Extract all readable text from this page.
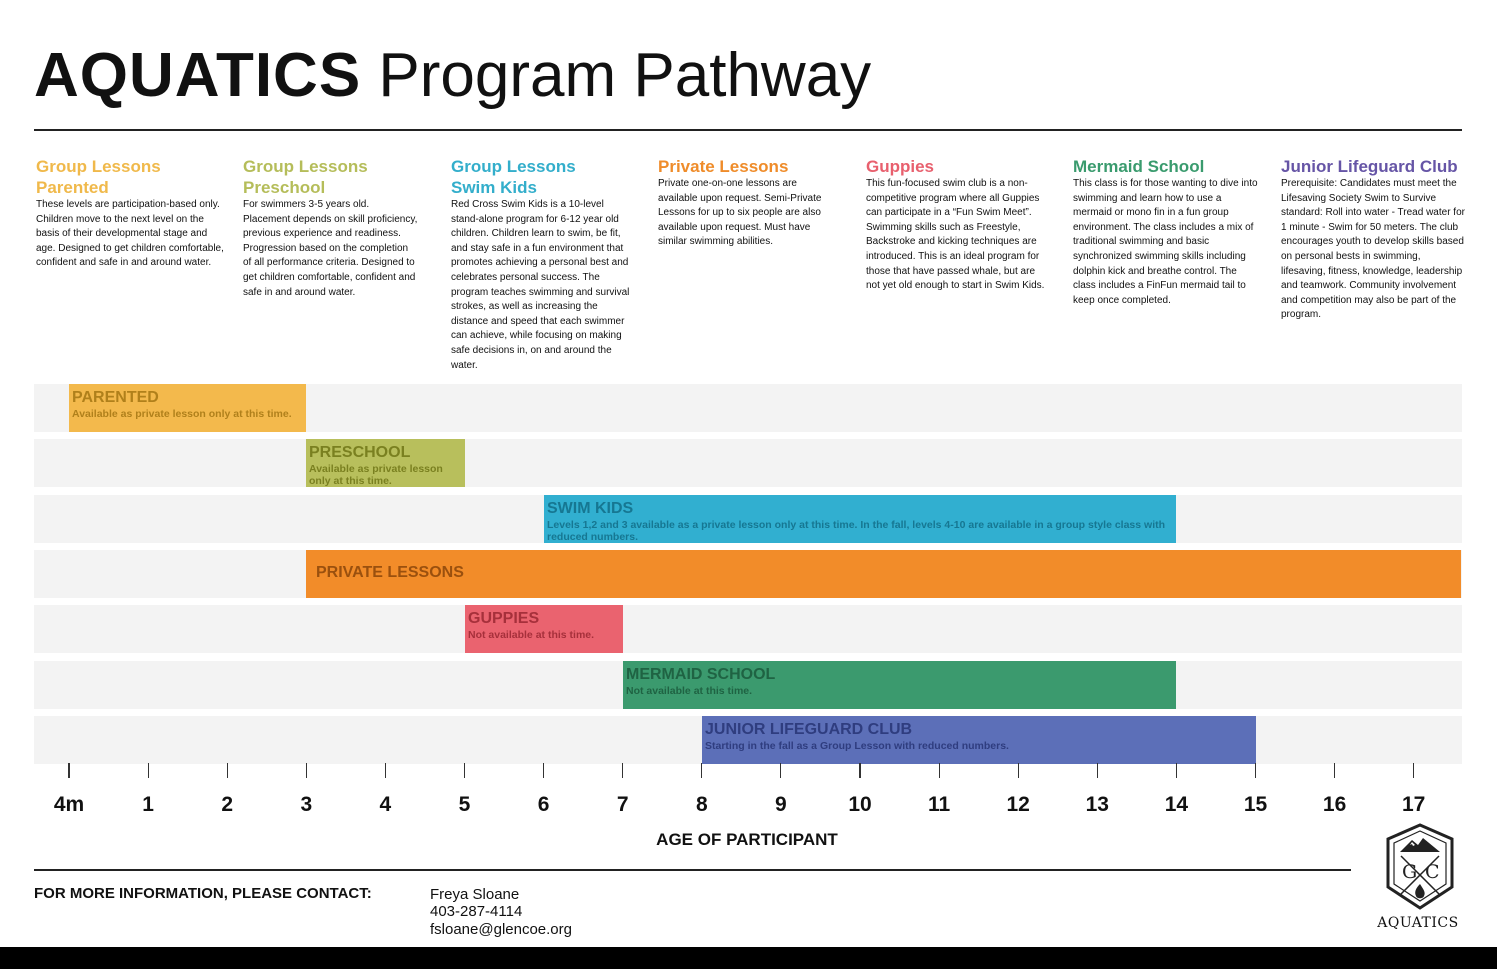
AQUATICS Program Pathway

Group Lessons
Parented

These levels are participation-based only. Children move to the next level on the basis of their developmental stage and age. Designed to get children comfortable, confident and safe in and around water.

Group Lessons
Preschool

For swimmers 3-5 years old. Placement depends on skill proficiency, previous experience and readiness. Progression based on the completion of all performance criteria. Designed to get children comfortable, confident and safe in and around water.

Group Lessons
Swim Kids

Red Cross Swim Kids is a 10-level stand-alone program for 6-12 year old children. Children learn to swim, be fit, and stay safe in a fun environment that promotes achieving a personal best and celebrates personal success. The program teaches swimming and survival strokes, as well as increasing the distance and speed that each swimmer can achieve, while focusing on making safe decisions in, on and around the water.

Private Lessons

Private one-on-one lessons are available upon request. Semi-Private Lessons for up to six people are also available upon request. Must have similar swimming abilities.

Guppies

This fun-focused swim club is a non-competitive program where all Guppies can participate in a “Fun Swim Meet”. Swimming skills such as Freestyle, Backstroke and kicking techniques are introduced. This is an ideal program for those that have passed whale, but are not yet old enough to start in Swim Kids.

Mermaid School

This class is for those wanting to dive into swimming and learn how to use a mermaid or mono fin in a fun group environment. The class includes a mix of traditional swimming and basic synchronized swimming skills including dolphin kick and breathe control. The class includes a FinFun mermaid tail to keep once completed.

Junior Lifeguard Club

Prerequisite: Candidates must meet the Lifesaving Society Swim to Survive standard: Roll into water - Tread water for 1 minute - Swim for 50 meters. The club encourages youth to develop skills based on personal bests in swimming, lifesaving, fitness, knowledge, leadership and teamwork. Community involvement and competition may also be part of the program.

PARENTED
Available as private lesson only at this time.
PRESCHOOL
Available as private lesson only at this time.
SWIM KIDS
Levels 1,2 and 3 available as a private lesson only at this time. In the fall, levels 4-10 are available in a group style class with reduced numbers.
PRIVATE LESSONS
GUPPIES
Not available at this time.
MERMAID SCHOOL
Not available at this time.
JUNIOR LIFEGUARD CLUB
Starting in the fall as a Group Lesson with reduced numbers.
4m	1	2	3	4	5	6	7	8	9	10	11	12	13	14	15	16	17
AGE OF PARTICIPANT
FOR MORE INFORMATION, PLEASE CONTACT:	Freya Sloane
403-287-4114
fsloane@glencoe.org
G C
AQUATICS
